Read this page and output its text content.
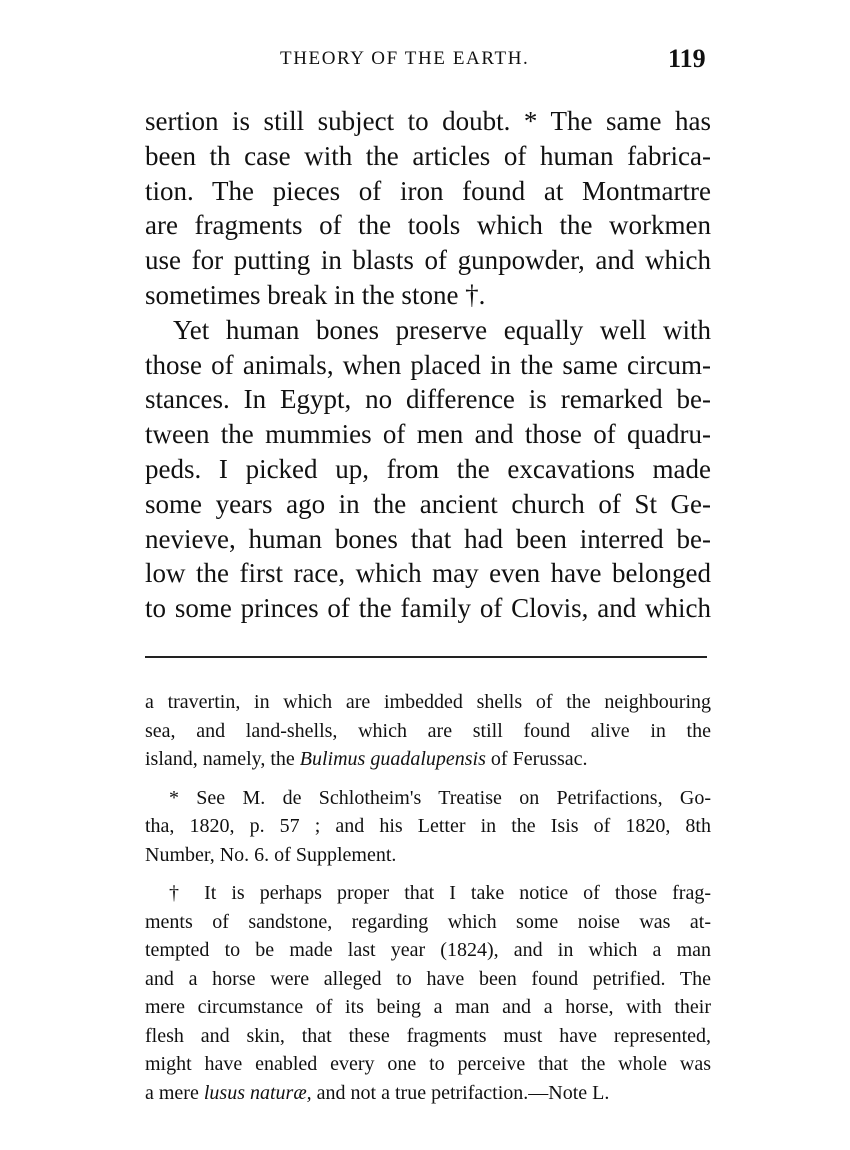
THEORY OF THE EARTH.	119
sertion is still subject to doubt. * The same has
been th case with the articles of human fabrica-
tion. The pieces of iron found at Montmartre
are fragments of the tools which the workmen
use for putting in blasts of gunpowder, and which
sometimes break in the stone †.
Yet human bones preserve equally well with
those of animals, when placed in the same circum-
stances. In Egypt, no difference is remarked be-
tween the mummies of men and those of quadru-
peds. I picked up, from the excavations made
some years ago in the ancient church of St Ge-
nevieve, human bones that had been interred be-
low the first race, which may even have belonged
to some princes of the family of Clovis, and which
a travertin, in which are imbedded shells of the neighbouring
sea, and land-shells, which are still found alive in the
island, namely, the Bulimus guadalupensis of Ferussac.
* See M. de Schlotheim's Treatise on Petrifactions, Go-
tha, 1820, p. 57 ; and his Letter in the Isis of 1820, 8th
Number, No. 6. of Supplement.
† It is perhaps proper that I take notice of those frag-
ments of sandstone, regarding which some noise was at-
tempted to be made last year (1824), and in which a man
and a horse were alleged to have been found petrified. The
mere circumstance of its being a man and a horse, with their
flesh and skin, that these fragments must have represented,
might have enabled every one to perceive that the whole was
a mere lusus naturæ, and not a true petrifaction.—Note L.
